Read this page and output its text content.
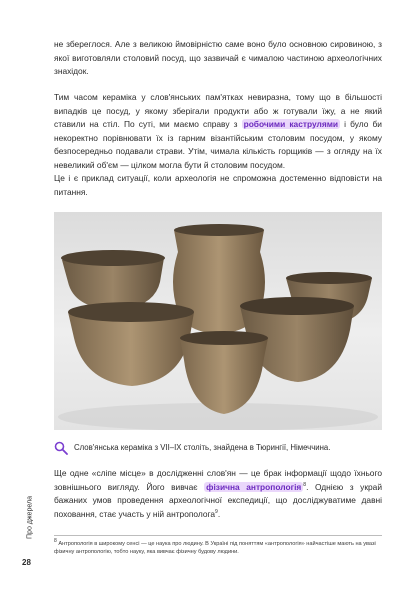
не збереглося. Але з великою ймовірністю саме воно було основною сировиною, з якої виготовляли столовий посуд, що зазвичай є чималою частиною археологічних знахідок.

Тим часом кераміка у слов'янських пам'ятках невиразна, тому що в більшості випадків це посуд, у якому зберігали продукти або ж готували їжу, а не який ставили на стіл. По суті, ми маємо справу з робочими каструлями і було би некоректно порівнювати їх із гарним візантійським столовим посудом, у якому безпосередньо подавали страви. Утім, чимала кількість горщиків — з огляду на їх невеликий об'єм — цілком могла бути й столовим посудом.

Це і є приклад ситуації, коли археологія не спроможна достеменно відповісти на питання.

Слов'янська кераміка з VII–IX століть, знайдена в Тюрингії, Німеччина.

Ще одне «сліпе місце» в дослідженні слов'ян — це брак інформації щодо їхнього зовнішнього вигляду. Його вивчає фізична антропологія $^8$. Однією з украй бажаних умов проведення археологічної експедиції, що досліджуватиме давні поховання, стає участь у ній антрополога$^9$.

$^8$ Антропологія в широкому сенсі — це наука про людину. В Україні під поняттям «антропологія» найчастіше мають на увазі фізичну антропологію, тобто науку, яка вивчає фізичну будову людини.

Про джерела

28
